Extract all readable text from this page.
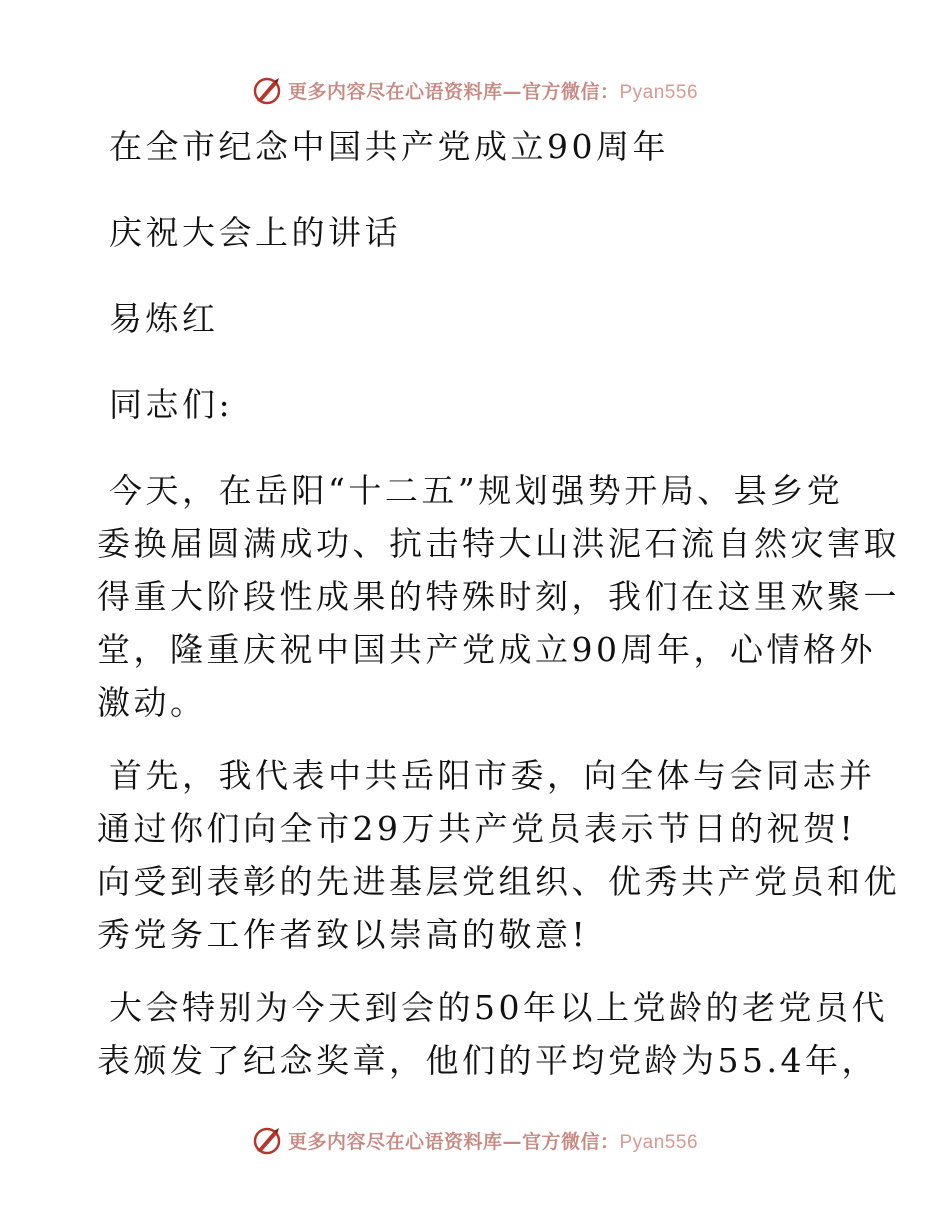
更多内容尽在心语资料库—官方微信：Pyan556
在全市纪念中国共产党成立90周年
庆祝大会上的讲话
易炼红
同志们:
今天，在岳阳“十二五”规划强势开局、县乡党
委换届圆满成功、抗击特大山洪泥石流自然灾害取
得重大阶段性成果的特殊时刻，我们在这里欢聚一
堂，隆重庆祝中国共产党成立90周年，心情格外
激动。
首先，我代表中共岳阳市委，向全体与会同志并
通过你们向全市29万共产党员表示节日的祝贺!
向受到表彰的先进基层党组织、优秀共产党员和优
秀党务工作者致以崇高的敬意!
大会特别为今天到会的50年以上党龄的老党员代
表颁发了纪念奖章，他们的平均党龄为55.4年，
更多内容尽在心语资料库—官方微信：Pyan556
